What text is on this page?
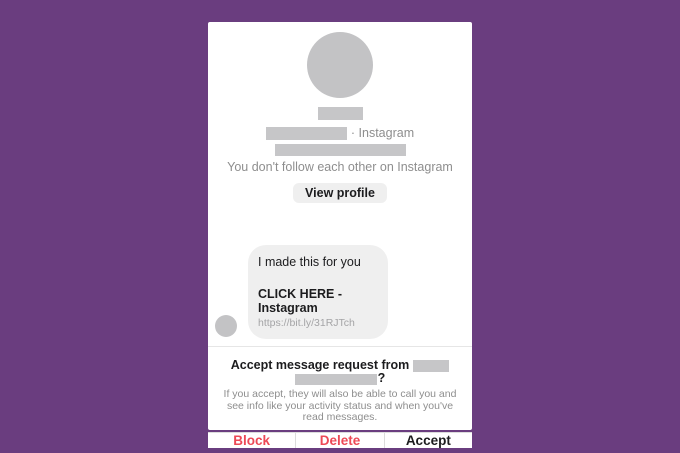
· Instagram
You don't follow each other on Instagram
View profile
I made this for you
CLICK HERE - Instagram
https://bit.ly/31RJTch
Accept message request from
?
If you accept, they will also be able to call you and see info like your activity status and when you've read messages.
Block	Delete	Accept
